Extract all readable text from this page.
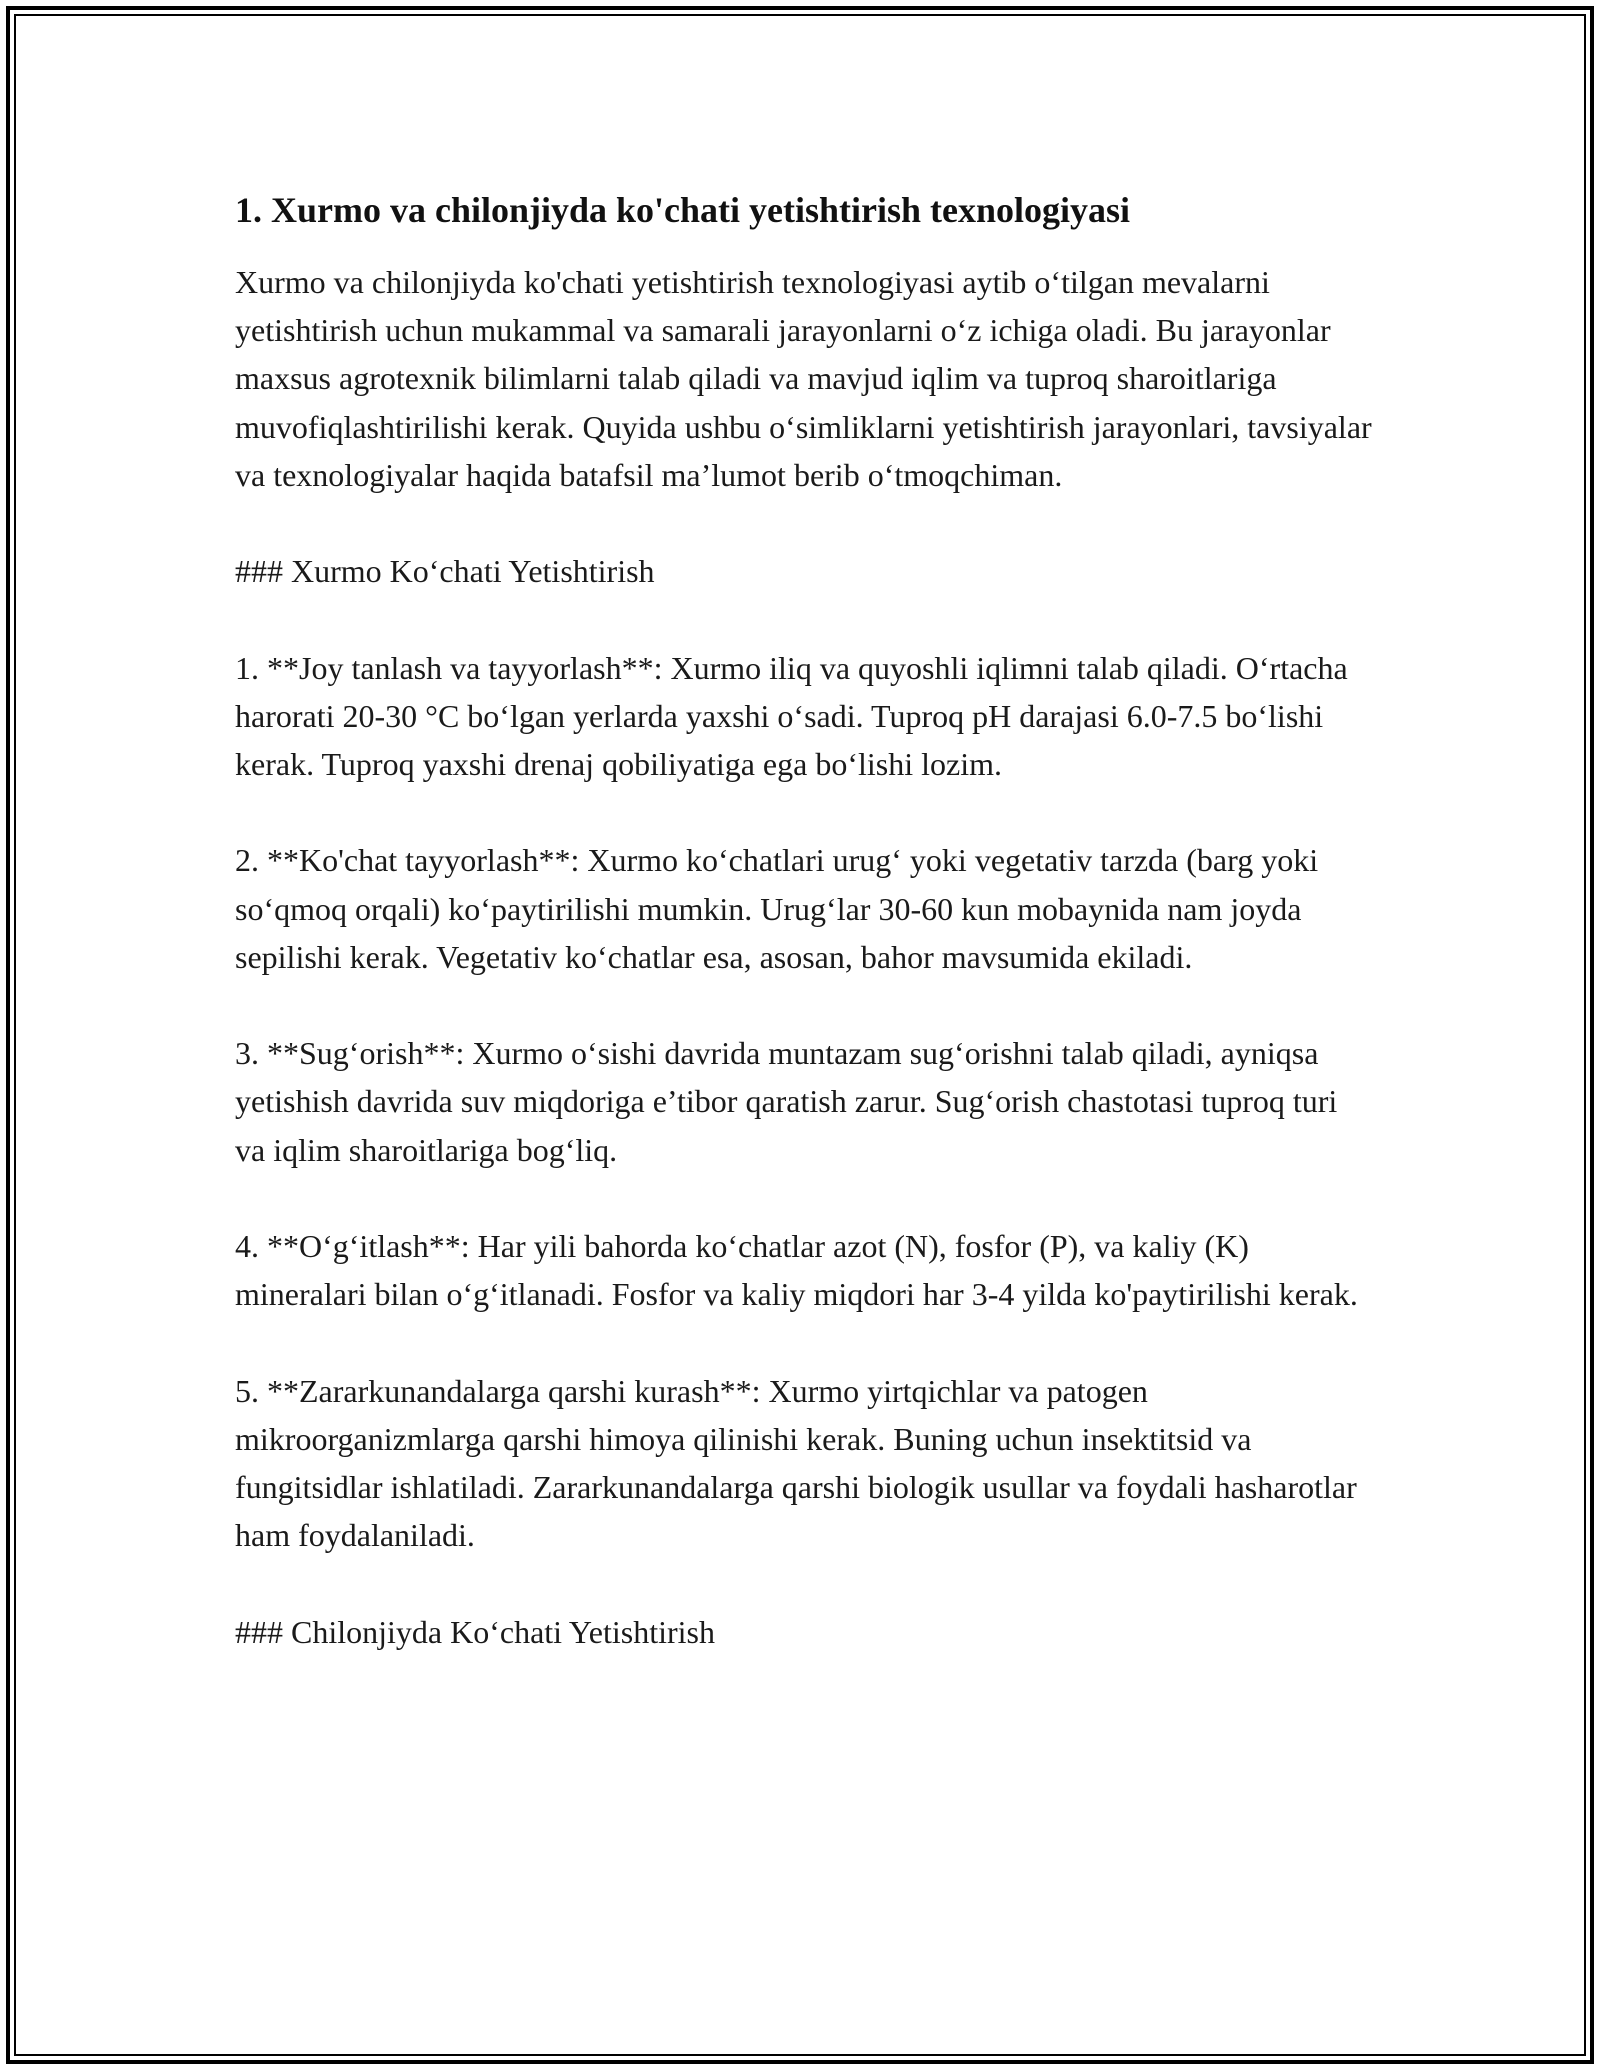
1. Xurmo va chilonjiyda ko'chati yetishtirish texnologiyasi

Xurmo va chilonjiyda ko'chati yetishtirish texnologiyasi aytib o‘tilgan mevalarni yetishtirish uchun mukammal va samarali jarayonlarni o‘z ichiga oladi. Bu jarayonlar maxsus agrotexnik bilimlarni talab qiladi va mavjud iqlim va tuproq sharoitlariga muvofiqlashtirilishi kerak. Quyida ushbu o‘simliklarni yetishtirish jarayonlari, tavsiyalar va texnologiyalar haqida batafsil ma’lumot berib o‘tmoqchiman.

### Xurmo Ko‘chati Yetishtirish

1. **Joy tanlash va tayyorlash**: Xurmo iliq va quyoshli iqlimni talab qiladi. O‘rtacha harorati 20-30 °C bo‘lgan yerlarda yaxshi o‘sadi. Tuproq pH darajasi 6.0-7.5 bo‘lishi kerak. Tuproq yaxshi drenaj qobiliyatiga ega bo‘lishi lozim.

2. **Ko'chat tayyorlash**: Xurmo ko‘chatlari urug‘ yoki vegetativ tarzda (barg yoki so‘qmoq orqali) ko‘paytirilishi mumkin. Urug‘lar 30-60 kun mobaynida nam joyda sepilishi kerak. Vegetativ ko‘chatlar esa, asosan, bahor mavsumida ekiladi.

3. **Sug‘orish**: Xurmo o‘sishi davrida muntazam sug‘orishni talab qiladi, ayniqsa yetishish davrida suv miqdoriga e’tibor qaratish zarur. Sug‘orish chastotasi tuproq turi va iqlim sharoitlariga bog‘liq.

4. **O‘g‘itlash**: Har yili bahorda ko‘chatlar azot (N), fosfor (P), va kaliy (K) mineralari bilan o‘g‘itlanadi. Fosfor va kaliy miqdori har 3-4 yilda ko'paytirilishi kerak.

5. **Zararkunandalarga qarshi kurash**: Xurmo yirtqichlar va patogen mikroorganizmlarga qarshi himoya qilinishi kerak. Buning uchun insektitsid va fungitsidlar ishlatiladi. Zararkunandalarga qarshi biologik usullar va foydali hasharotlar ham foydalaniladi.

### Chilonjiyda Ko‘chati Yetishtirish
